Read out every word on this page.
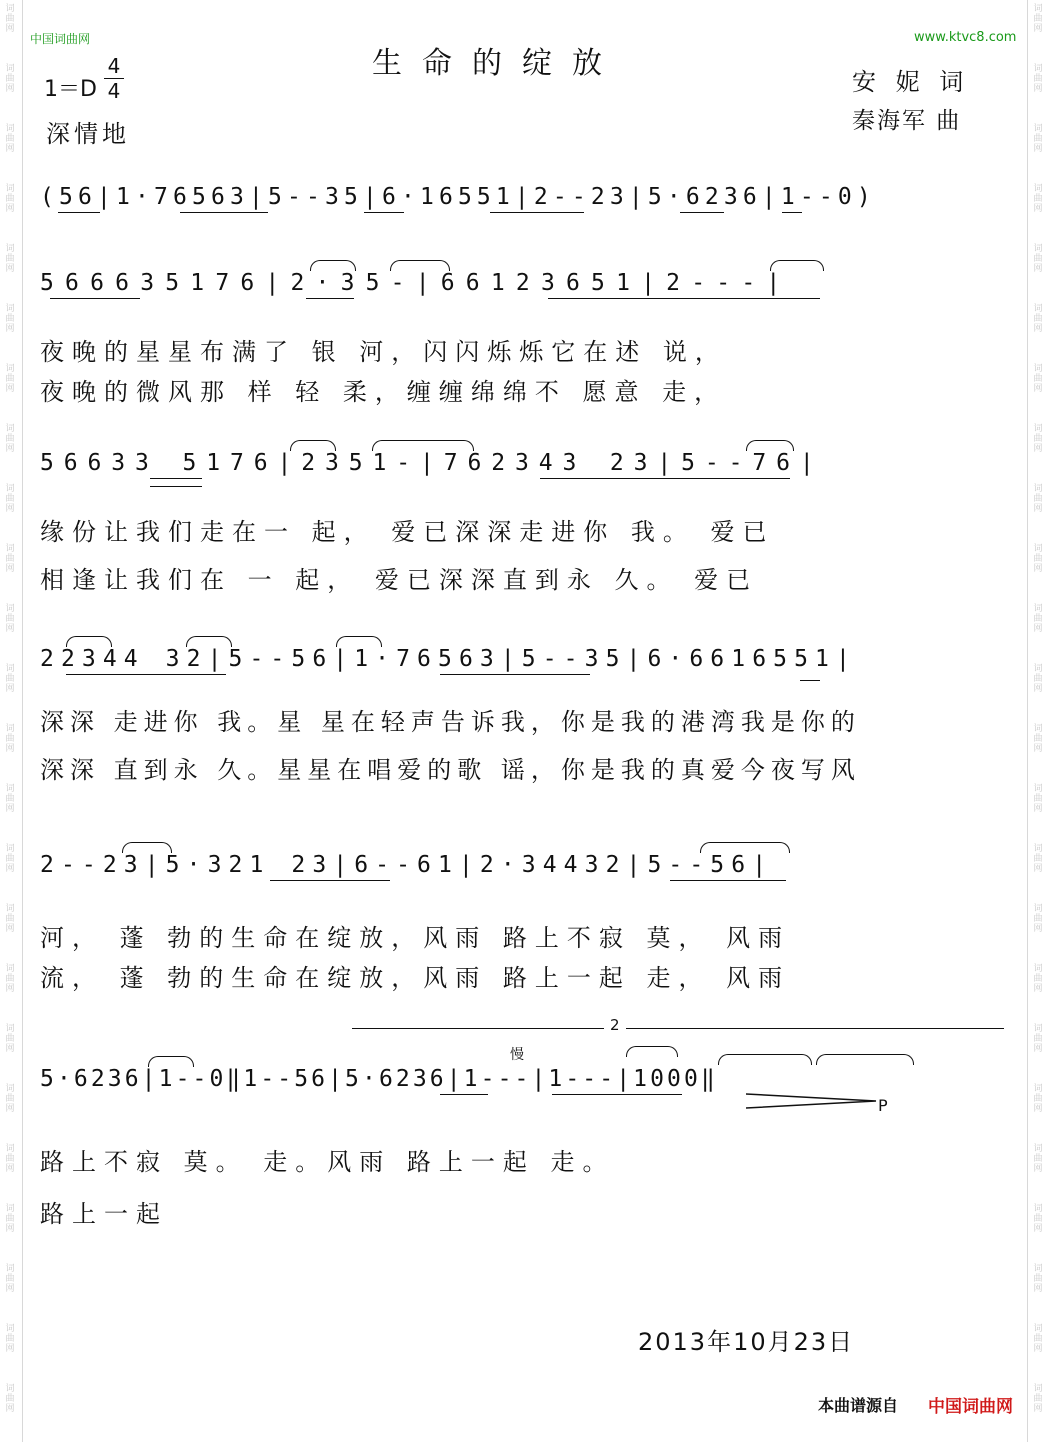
词曲网
词曲网
词曲网
词曲网
词曲网
词曲网
词曲网
词曲网
词曲网
词曲网
词曲网
词曲网
词曲网
词曲网
词曲网
词曲网
词曲网
词曲网
词曲网
词曲网
词曲网
词曲网
词曲网
词曲网
词曲网
词曲网
词曲网
词曲网
词曲网
词曲网
词曲网
词曲网
词曲网
词曲网
词曲网
词曲网
词曲网
词曲网
词曲网
词曲网
词曲网
词曲网
词曲网
词曲网
词曲网
词曲网
词曲网
词曲网
中国词曲网	www.ktvc8.com
生命的绽放
1＝D
4
4
深情地
安 妮 词
秦海军 曲
(56|1·76563|5--35|6·16551|2--23|5·6236|1--0)
566635176|2·35-|66123651|2---|
夜晚的星星布满了 银 河，闪闪烁烁它在述 说，
夜晚的微风那 样 轻 柔，缠缠绵绵不 愿意 走，
56633 5176|2351-|762343 23|5--76|
缘份让我们走在一 起， 爱已深深走进你 我。 爱已
相逢让我们在 一 起， 爱已深深直到永 久。 爱已
22344 32|5--56|1·76563|5--35|6·6616551|
深深 走进你 我。星 星在轻声告诉我，你是我的港湾我是你的
深深 直到永 久。星星在唱爱的歌 谣，你是我的真爱今夜写风
2--23|5·321 23|6--61|2·34432|5--56|
河， 蓬 勃的生命在绽放，风雨 路上不寂 莫， 风雨
流， 蓬 勃的生命在绽放，风雨 路上一起 走， 风雨
2
慢
5·6236|1--0‖1--56|5·6236|1---|1---|1000‖
P
路上不寂 莫。 走。风雨 路上一起 走。
路上一起
2013年10月23日
本曲谱源自 中国词曲网
